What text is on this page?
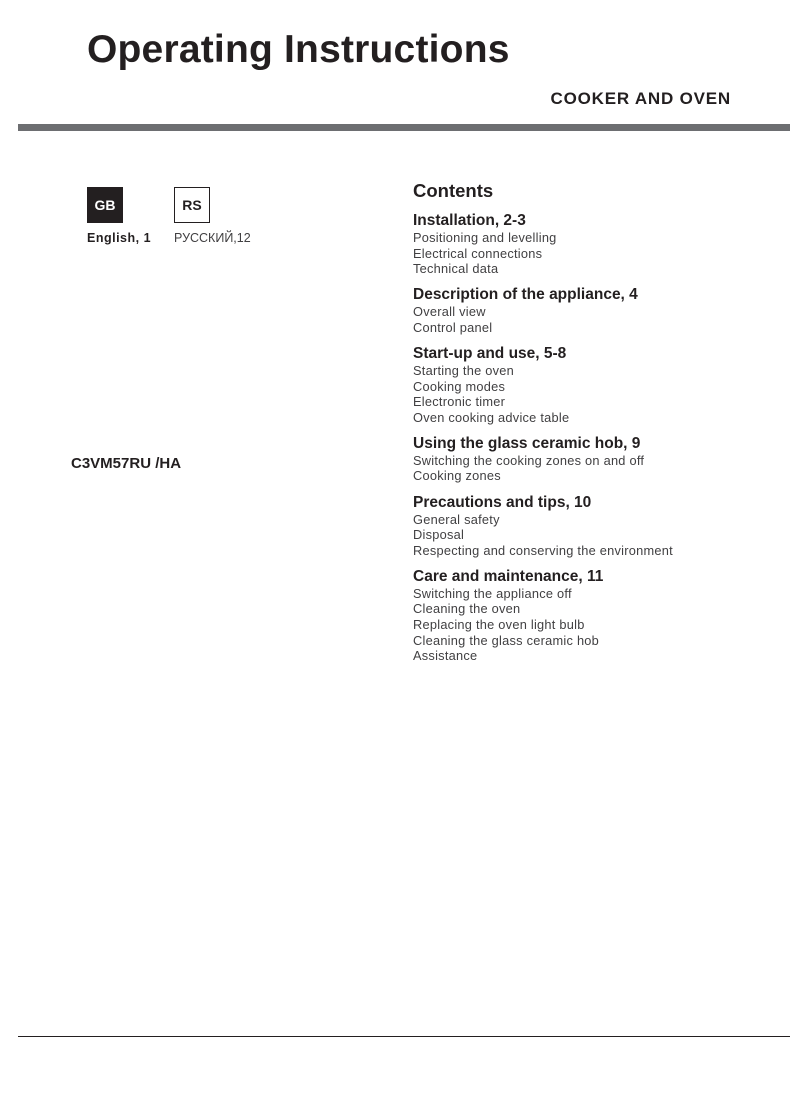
Operating Instructions
COOKER AND OVEN
GB	RS
English, 1 РУССКИЙ,12
C3VM57RU /HA
Contents
Installation, 2-3
Positioning and levelling
Electrical connections
Technical data
Description of the appliance, 4
Overall view
Control panel
Start-up and use, 5-8
Starting the oven
Cooking modes
Electronic timer
Oven cooking advice table
Using the glass ceramic hob, 9
Switching the cooking zones on and off
Cooking zones
Precautions and tips, 10
General safety
Disposal
Respecting and conserving the environment
Care and maintenance, 11
Switching the appliance off
Cleaning the oven
Replacing the oven light bulb
Cleaning the glass ceramic hob
Assistance
